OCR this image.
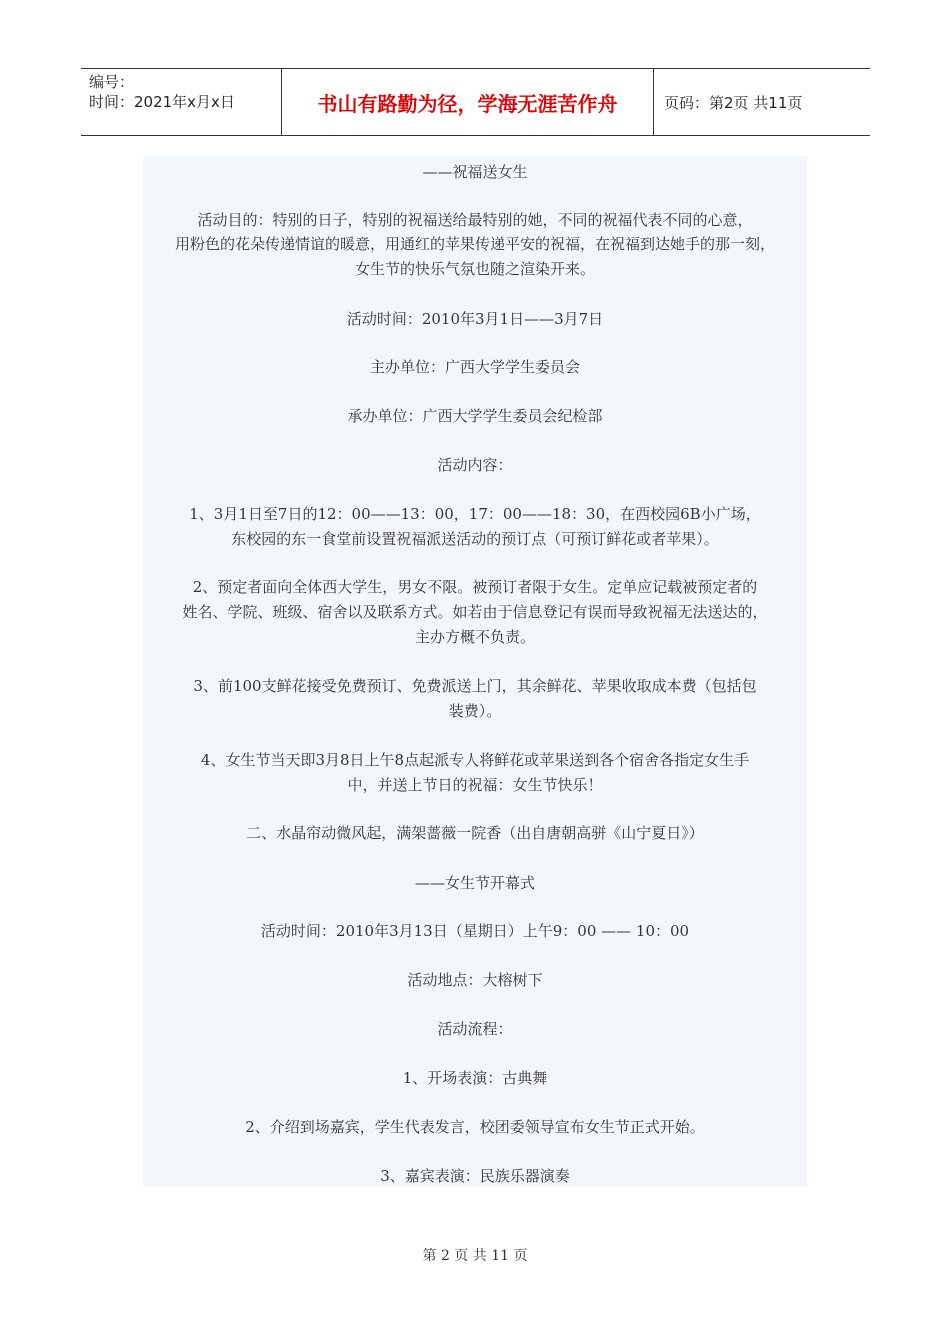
编号：
时间：2021年x月x日	书山有路勤为径，学海无涯苦作舟	页码：第2页 共11页
——祝福送女生
活动目的：特别的日子，特别的祝福送给最特别的她，不同的祝福代表不同的心意，
用粉色的花朵传递情谊的暖意，用通红的苹果传递平安的祝福，在祝福到达她手的那一刻，
女生节的快乐气氛也随之渲染开来。
活动时间：2010年3月1日——3月7日
主办单位：广西大学学生委员会
承办单位：广西大学学生委员会纪检部
活动内容：
1、3月1日至7日的12：00——13：00，17：00——18：30，在西校园6B小广场，
东校园的东一食堂前设置祝福派送活动的预订点（可预订鲜花或者苹果）。
2、预定者面向全体西大学生，男女不限。被预订者限于女生。定单应记载被预定者的
姓名、学院、班级、宿舍以及联系方式。如若由于信息登记有误而导致祝福无法送达的，
主办方概不负责。
3、前100支鲜花接受免费预订、免费派送上门，其余鲜花、苹果收取成本费（包括包
装费）。
4、女生节当天即3月8日上午8点起派专人将鲜花或苹果送到各个宿舍各指定女生手
中，并送上节日的祝福：女生节快乐！
二、水晶帘动微风起，满架蔷薇一院香（出自唐朝高骈《山宁夏日》）
——女生节开幕式
活动时间：2010年3月13日（星期日）上午9：00 —— 10：00
活动地点：大榕树下
活动流程：
1、开场表演：古典舞
2、介绍到场嘉宾，学生代表发言，校团委领导宣布女生节正式开始。
3、嘉宾表演：民族乐器演奏
第 2 页 共 11 页
